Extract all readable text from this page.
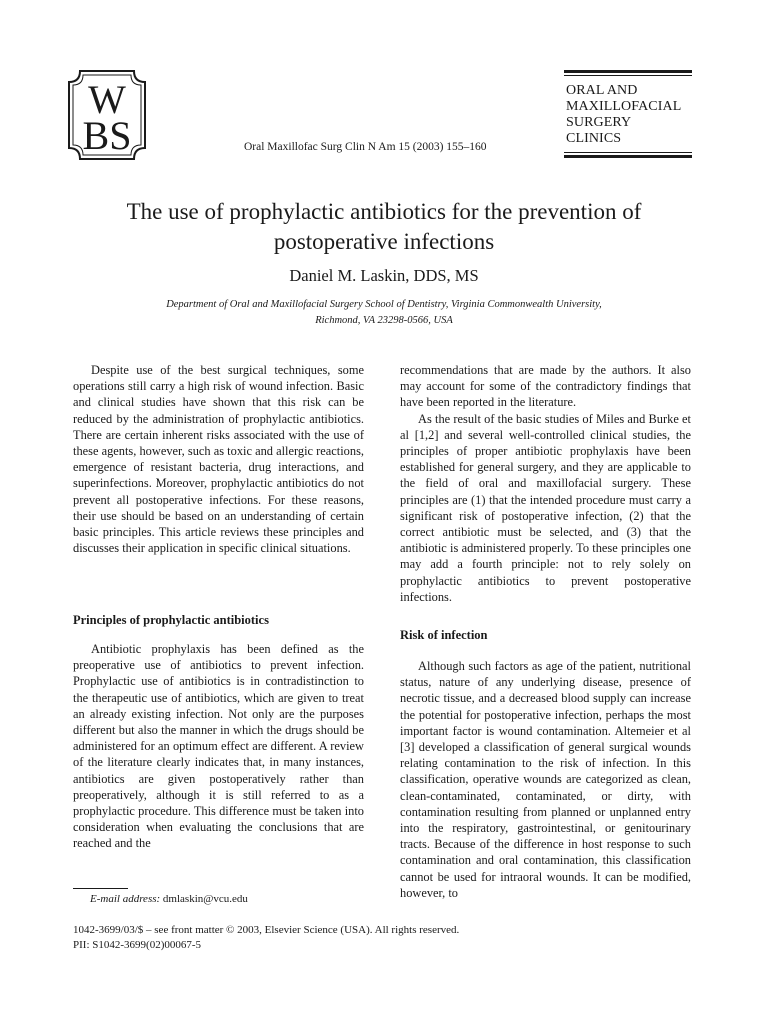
W
BS	Oral Maxillofac Surg Clin N Am 15 (2003) 155–160
ORAL AND
MAXILLOFACIAL
SURGERY
CLINICS
The use of prophylactic antibiotics for the prevention of
postoperative infections
Daniel M. Laskin, DDS, MS
Department of Oral and Maxillofacial Surgery School of Dentistry, Virginia Commonwealth University,
Richmond, VA 23298-0566, USA

Despite use of the best surgical techniques, some operations still carry a high risk of wound infection. Basic and clinical studies have shown that this risk can be reduced by the administration of prophylactic antibiotics. There are certain inherent risks associated with the use of these agents, however, such as toxic and allergic reactions, emergence of resistant bacteria, drug interactions, and superinfections. Moreover, prophylactic antibiotics do not prevent all postoperative infections. For these reasons, their use should be based on an understanding of certain basic principles. This article reviews these principles and discusses their application in specific clinical situations.

Principles of prophylactic antibiotics

Antibiotic prophylaxis has been defined as the preoperative use of antibiotics to prevent infection. Prophylactic use of antibiotics is in contradistinction to the therapeutic use of antibiotics, which are given to treat an already existing infection. Not only are the purposes different but also the manner in which the drugs should be administered for an optimum effect are different. A review of the literature clearly indicates that, in many instances, antibiotics are given postoperatively rather than preoperatively, although it is still referred to as a prophylactic procedure. This difference must be taken into consideration when evaluating the conclusions that are reached and the

recommendations that are made by the authors. It also may account for some of the contradictory findings that have been reported in the literature.

As the result of the basic studies of Miles and Burke et al [1,2] and several well-controlled clinical studies, the principles of proper antibiotic prophylaxis have been established for general surgery, and they are applicable to the field of oral and maxillofacial surgery. These principles are (1) that the intended procedure must carry a significant risk of postoperative infection, (2) that the correct antibiotic must be selected, and (3) that the antibiotic is administered properly. To these principles one may add a fourth principle: not to rely solely on prophylactic antibiotics to prevent postoperative infections.

Risk of infection

Although such factors as age of the patient, nutritional status, nature of any underlying disease, presence of necrotic tissue, and a decreased blood supply can increase the potential for postoperative infection, perhaps the most important factor is wound contamination. Altemeier et al [3] developed a classification of general surgical wounds relating contamination to the risk of infection. In this classification, operative wounds are categorized as clean, clean-contaminated, contaminated, or dirty, with contamination resulting from planned or unplanned entry into the respiratory, gastrointestinal, or genitourinary tracts. Because of the difference in host response to such contamination and oral contamination, this classification cannot be used for intraoral wounds. It can be modified, however, to

E-mail address: dmlaskin@vcu.edu
1042-3699/03/$ – see front matter © 2003, Elsevier Science (USA). All rights reserved.
PII: S1042-3699(02)00067-5
